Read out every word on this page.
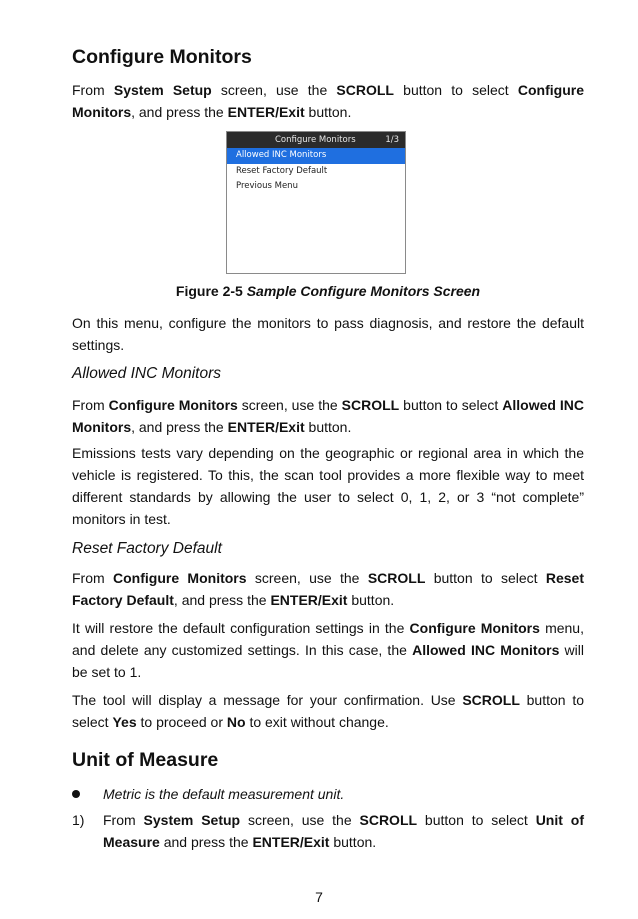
Configure Monitors

From System Setup screen, use the SCROLL button to select Configure Monitors, and press the ENTER/Exit button.

Figure 2-5 Sample Configure Monitors Screen

On this menu, configure the monitors to pass diagnosis, and restore the default settings.

Allowed INC Monitors

From Configure Monitors screen, use the SCROLL button to select Allowed INC Monitors, and press the ENTER/Exit button.

Emissions tests vary depending on the geographic or regional area in which the vehicle is registered. To this, the scan tool provides a more flexible way to meet different standards by allowing the user to select 0, 1, 2, or 3 “not complete” monitors in test.

Reset Factory Default

From Configure Monitors screen, use the SCROLL button to select Reset Factory Default, and press the ENTER/Exit button.

It will restore the default configuration settings in the Configure Monitors menu, and delete any customized settings. In this case, the Allowed INC Monitors will be set to 1.

The tool will display a message for your confirmation. Use SCROLL button to select Yes to proceed or No to exit without change.

Unit of Measure
Metric is the default measurement unit.
1) From System Setup screen, use the SCROLL button to select Unit of Measure and press the ENTER/Exit button.
Configure Monitors	1/3
Allowed INC Monitors
Reset Factory Default
Previous Menu
7
